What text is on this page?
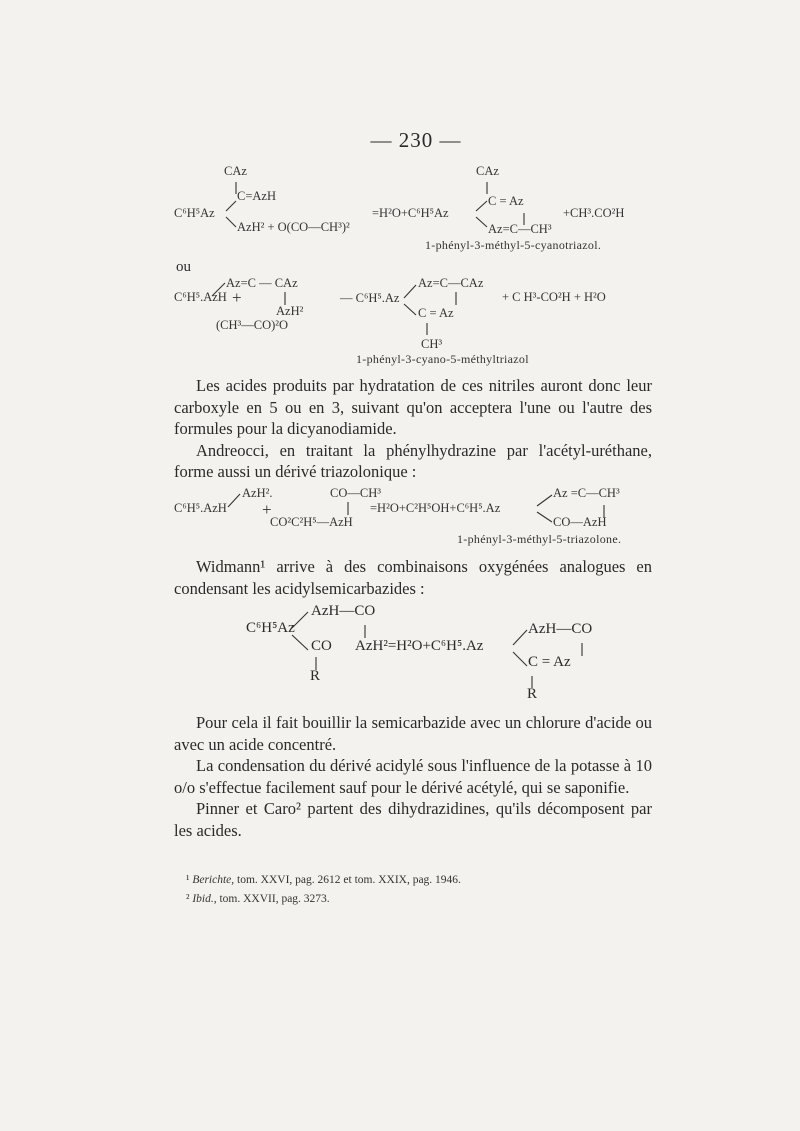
— 230 —
CAz
C=AzH
C⁶H⁵Az
AzH² + O(CO—CH³)²
CAz
=H²O+C⁶H⁵Az
C = Az
+CH³.CO²H
Az=C—CH³
1-phényl-3-méthyl-5-cyanotriazol.
ou
Az=C — CAz
C⁶H⁵.AzH +
AzH²
(CH³—CO)²O
— C⁶H⁵.Az
Az=C—CAz
C = Az
CH³
+ C H³-CO²H + H²O
1-phényl-3-cyano-5-méthyltriazol

Les acides produits par hydratation de ces nitriles auront donc leur carboxyle en 5 ou en 3, suivant qu'on acceptera l'une ou l'autre des formules pour la dicyanodiamide.

Andreocci, en traitant la phénylhydrazine par l'acétyl-uréthane, forme aussi un dérivé triazolonique :

AzH².	CO—CH³
C⁶H⁵.AzH +
CO²C²H⁵—AzH
=H²O+C²H⁵OH+C⁶H⁵.Az
Az =C—CH³
CO—AzH
1-phényl-3-méthyl-5-triazolone.

Widmann¹ arrive à des combinaisons oxygénées analogues en condensant les acidylsemicarbazides :

AzH—CO
C⁶H⁵Az
CO
R
AzH²=H²O+C⁶H⁵.Az
AzH—CO
C = Az
R

Pour cela il fait bouillir la semicarbazide avec un chlorure d'acide ou avec un acide concentré.

La condensation du dérivé acidylé sous l'influence de la potasse à 10 o/o s'effectue facilement sauf pour le dérivé acétylé, qui se saponifie.

Pinner et Caro² partent des dihydrazidines, qu'ils décomposent par les acides.

¹ Berichte, tom. XXVI, pag. 2612 et tom. XXIX, pag. 1946.
² Ibid., tom. XXVII, pag. 3273.
